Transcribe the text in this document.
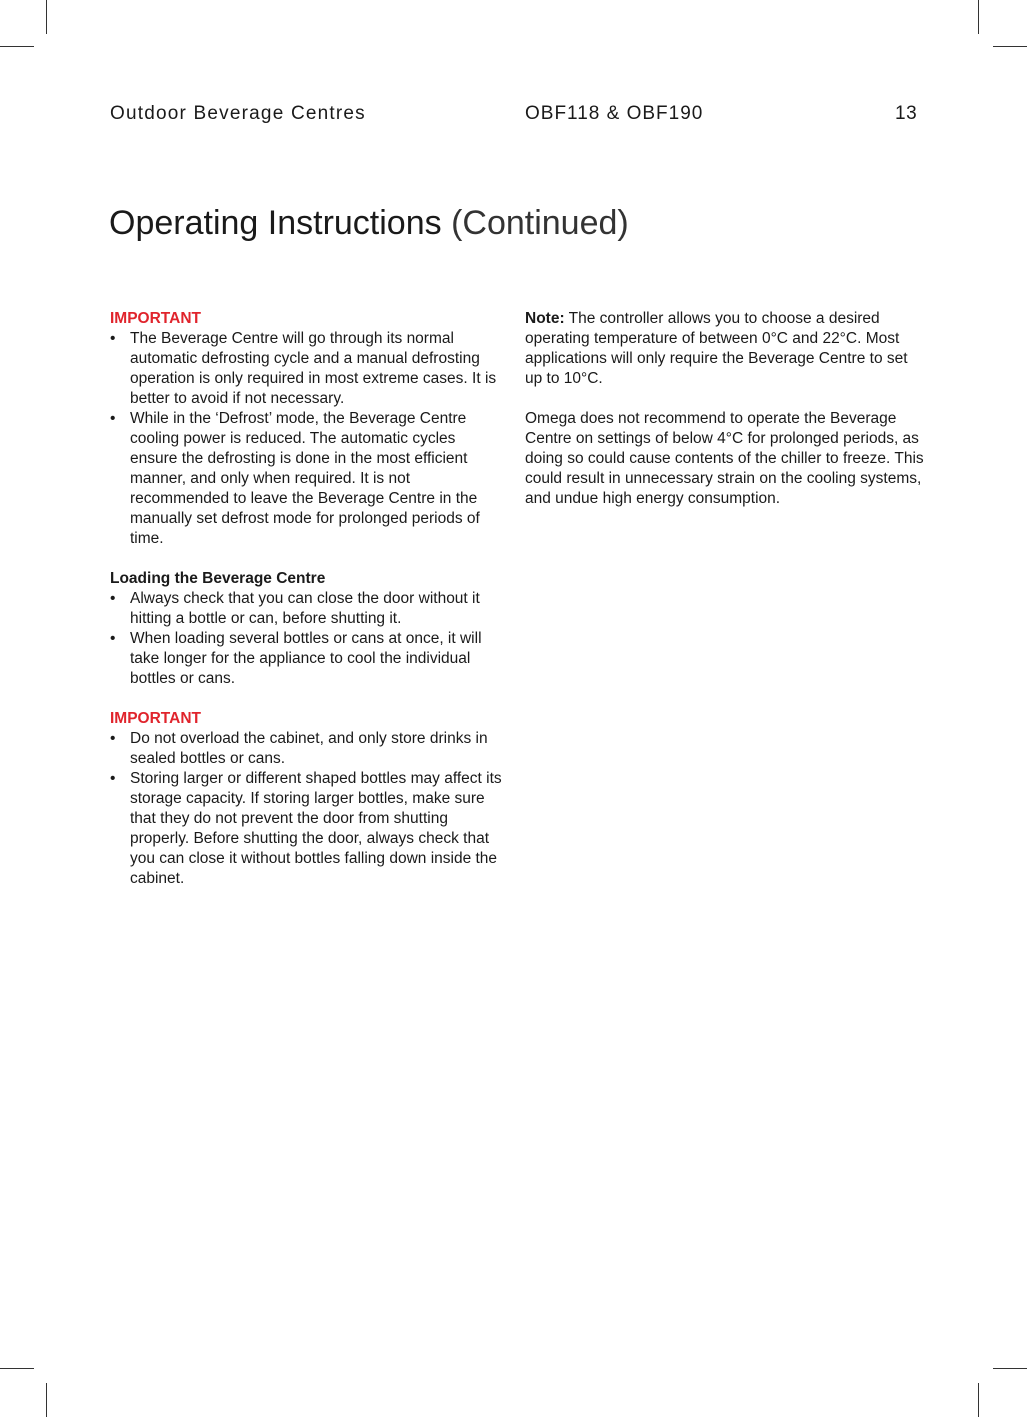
Outdoor Beverage Centres	OBF118 & OBF190	13
Operating Instructions (Continued)

IMPORTANT

• The Beverage Centre will go through its normal automatic defrosting cycle and a manual defrosting operation is only required in most extreme cases. It is better to avoid if not necessary.
• While in the ‘Defrost’ mode, the Beverage Centre cooling power is reduced. The automatic cycles ensure the defrosting is done in the most efficient manner, and only when required. It is not recommended to leave the Beverage Centre in the manually set defrost mode for prolonged periods of time.

Loading the Beverage Centre

• Always check that you can close the door without it hitting a bottle or can, before shutting it.
• When loading several bottles or cans at once, it will take longer for the appliance to cool the individual bottles or cans.

IMPORTANT

• Do not overload the cabinet, and only store drinks in sealed bottles or cans.
• Storing larger or different shaped bottles may affect its storage capacity. If storing larger bottles, make sure that they do not prevent the door from shutting properly. Before shutting the door, always check that you can close it without bottles falling down inside the cabinet.

Note: The controller allows you to choose a desired operating temperature of between 0°C and 22°C. Most applications will only require the Beverage Centre to set up to 10°C.

Omega does not recommend to operate the Beverage Centre on settings of below 4°C for prolonged periods, as doing so could cause contents of the chiller to freeze. This could result in unnecessary strain on the cooling systems, and undue high energy consumption.
